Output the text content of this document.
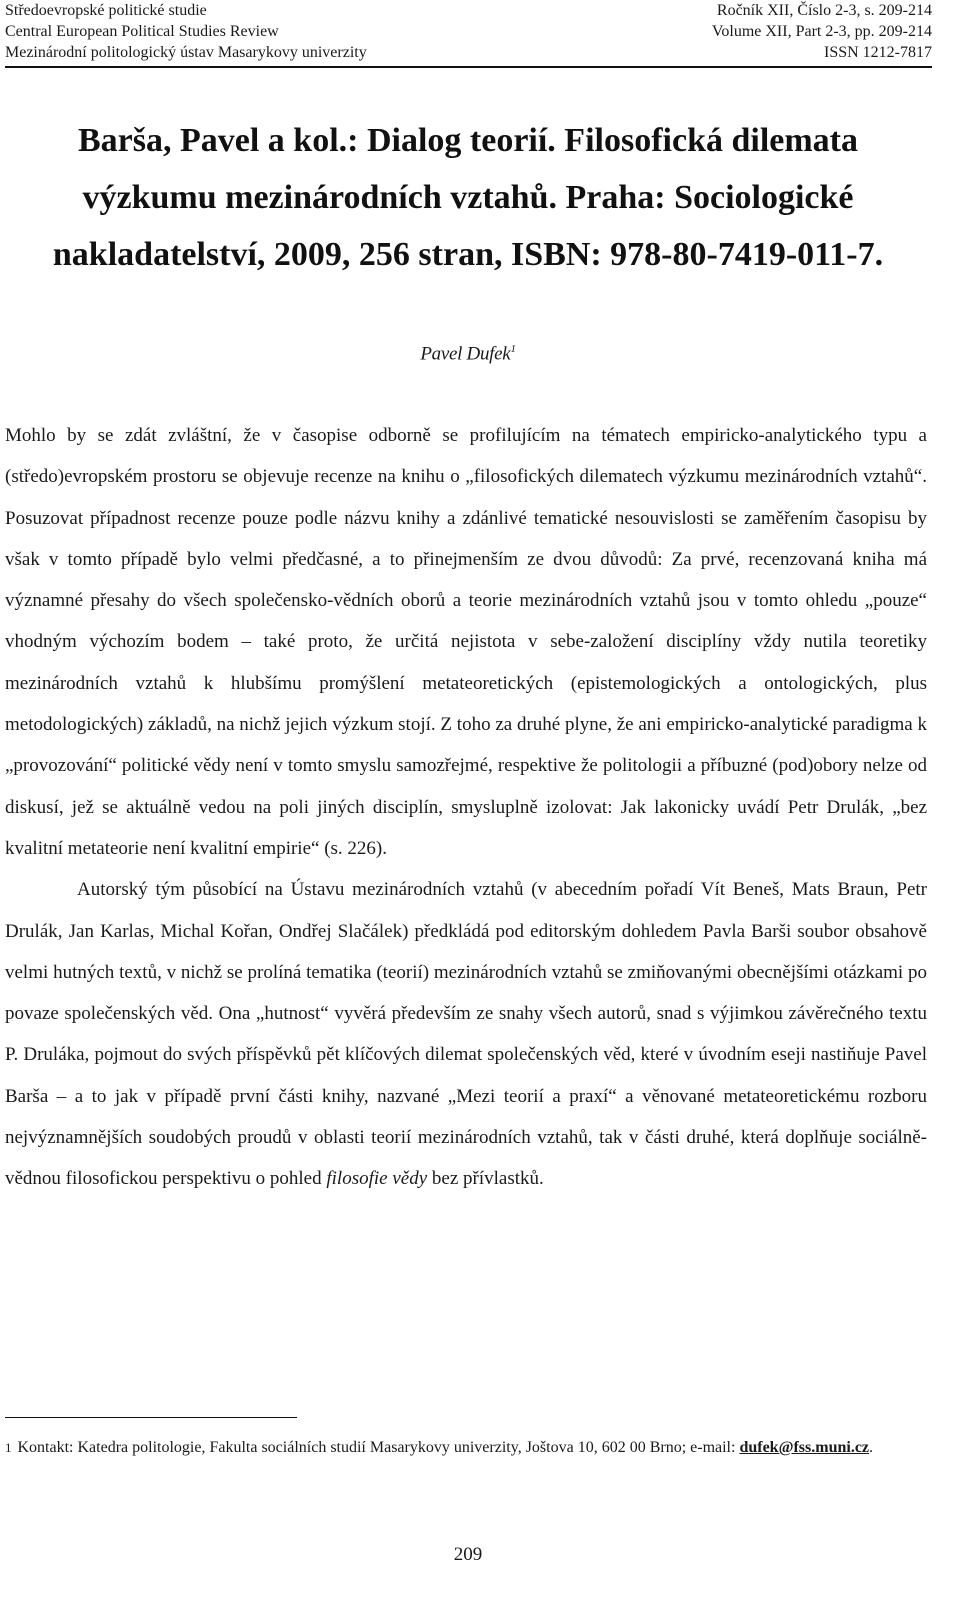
Středoevropské politické studie	Ročník XII, Číslo 2-3, s. 209-214
Central European Political Studies Review	Volume XII, Part 2-3, pp. 209-214
Mezinárodní politologický ústav Masarykovy univerzity	ISSN 1212-7817
Barša, Pavel a kol.: Dialog teorií. Filosofická dilemata
výzkumu mezinárodních vztahů. Praha: Sociologické
nakladatelství, 2009, 256 stran, ISBN: 978-80-7419-011-7.
Pavel Dufek$^1$

Mohlo by se zdát zvláštní, že v časopise odborně se profilujícím na tématech empiricko-analytického typu a (středo)evropském prostoru se objevuje recenze na knihu o „filosofických dilematech výzkumu mezinárodních vztahů“. Posuzovat případnost recenze pouze podle názvu knihy a zdánlivé tematické nesouvislosti se zaměřením časopisu by však v tomto případě bylo velmi předčasné, a to přinejmenším ze dvou důvodů: Za prvé, recenzovaná kniha má významné přesahy do všech společensko-vědních oborů a teorie mezinárodních vztahů jsou v tomto ohledu „pouze“ vhodným výchozím bodem – také proto, že určitá nejistota v sebe-založení disciplíny vždy nutila teoretiky mezinárodních vztahů k hlubšímu promýšlení metateoretických (epistemologických a ontologických, plus metodologických) základů, na nichž jejich výzkum stojí. Z toho za druhé plyne, že ani empiricko-analytické paradigma k „provozování“ politické vědy není v tomto smyslu samozřejmé, respektive že politologii a příbuzné (pod)obory nelze od diskusí, jež se aktuálně vedou na poli jiných disciplín, smysluplně izolovat: Jak lakonicky uvádí Petr Drulák, „bez kvalitní metateorie není kvalitní empirie“ (s. 226).

Autorský tým působící na Ústavu mezinárodních vztahů (v abecedním pořadí Vít Beneš, Mats Braun, Petr Drulák, Jan Karlas, Michal Kořan, Ondřej Slačálek) předkládá pod editorským dohledem Pavla Barši soubor obsahově velmi hutných textů, v nichž se prolíná tematika (teorií) mezinárodních vztahů se zmiňovanými obecnějšími otázkami po povaze společenských věd. Ona „hutnost“ vyvěrá především ze snahy všech autorů, snad s výjimkou závěrečného textu P. Druláka, pojmout do svých příspěvků pět klíčových dilemat společenských věd, které v úvodním eseji nastiňuje Pavel Barša – a to jak v případě první části knihy, nazvané „Mezi teorií a praxí“ a věnované metateoretickému rozboru nejvýznamnějších soudobých proudů v oblasti teorií mezinárodních vztahů, tak v části druhé, která doplňuje sociálně-vědnou filosofickou perspektivu o pohled filosofie vědy bez přívlastků.

1 Kontakt: Katedra politologie, Fakulta sociálních studií Masarykovy univerzity, Joštova 10, 602 00 Brno; e-mail: dufek@fss.muni.cz.
209
